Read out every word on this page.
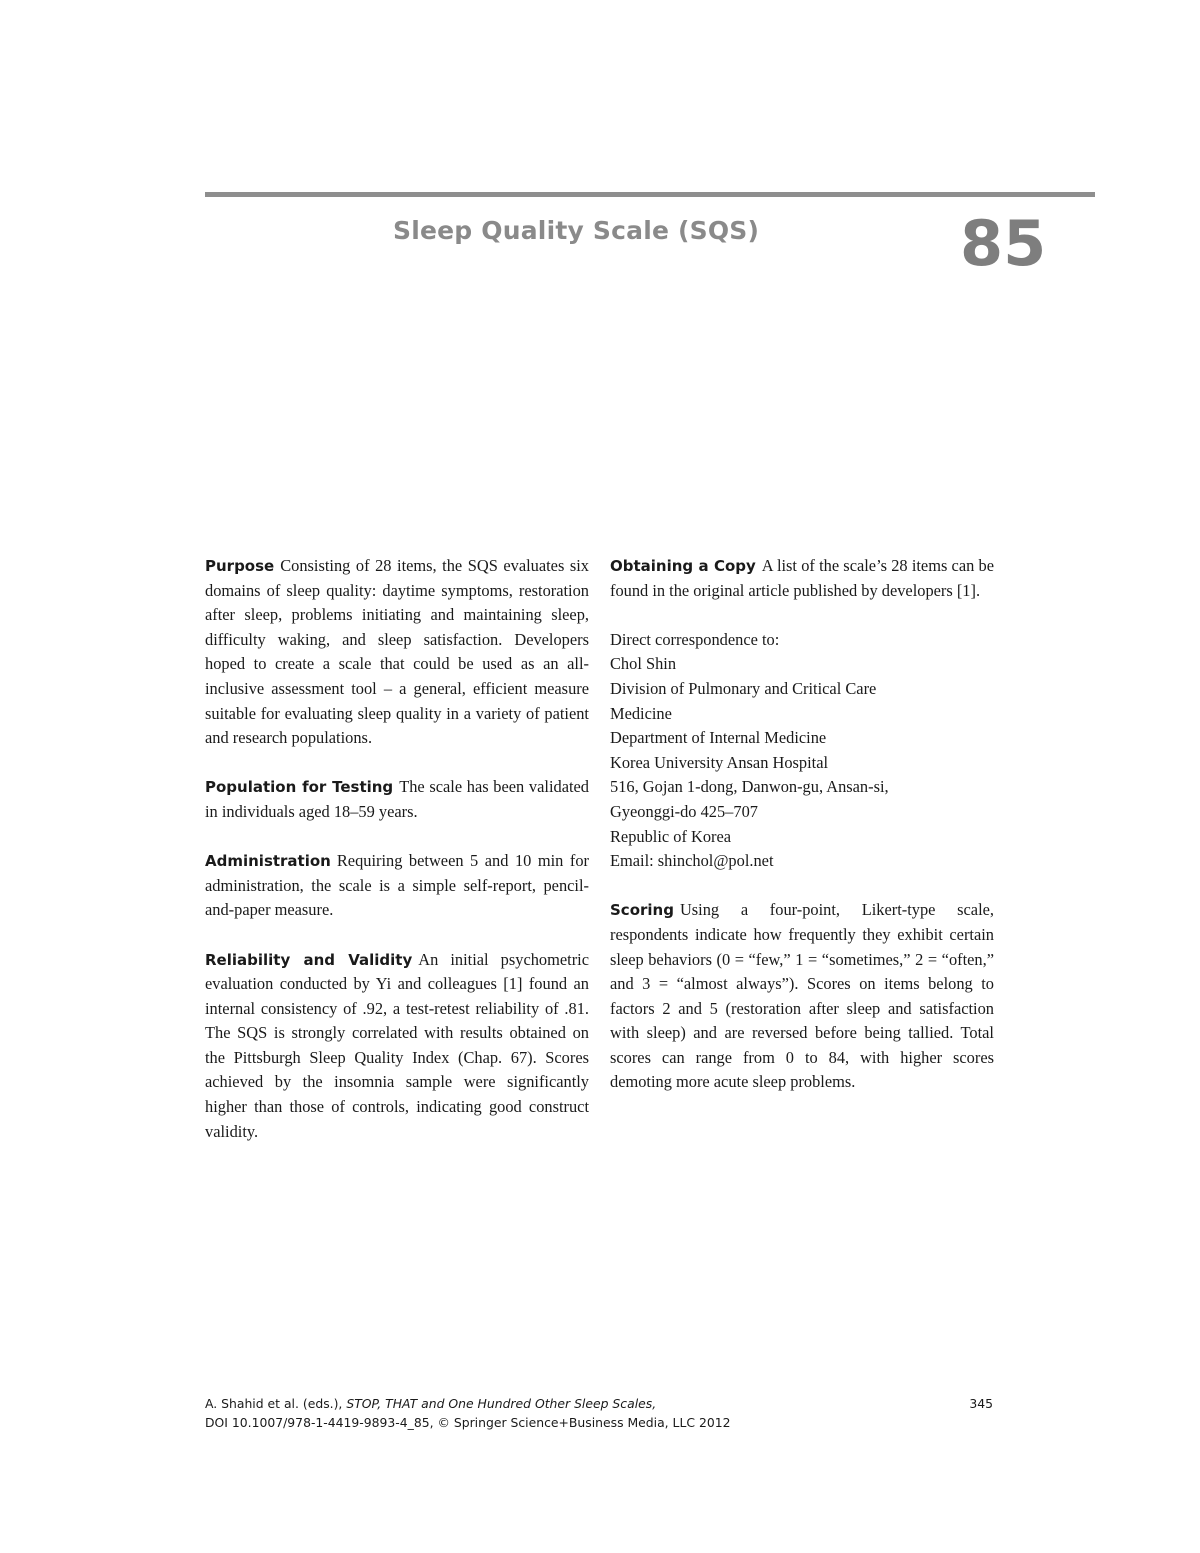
Sleep Quality Scale (SQS)	85

Purpose Consisting of 28 items, the SQS evaluates six domains of sleep quality: daytime symptoms, restoration after sleep, problems initiating and maintaining sleep, difficulty waking, and sleep satisfaction. Developers hoped to create a scale that could be used as an all-inclusive assessment tool – a general, efficient measure suitable for evaluating sleep quality in a variety of patient and research populations.

Population for Testing The scale has been validated in individuals aged 18–59 years.

Administration Requiring between 5 and 10 min for administration, the scale is a simple self-report, pencil-and-paper measure.

Reliability and Validity An initial psychometric evaluation conducted by Yi and colleagues [1] found an internal consistency of .92, a test-retest reliability of .81. The SQS is strongly correlated with results obtained on the Pittsburgh Sleep Quality Index (Chap. 67). Scores achieved by the insomnia sample were significantly higher than those of controls, indicating good construct validity.

Obtaining a Copy A list of the scale’s 28 items can be found in the original article published by developers [1].

Direct correspondence to:
Chol Shin
Division of Pulmonary and Critical Care
Medicine
Department of Internal Medicine
Korea University Ansan Hospital
516, Gojan 1-dong, Danwon-gu, Ansan-si,
Gyeonggi-do 425–707
Republic of Korea
Email: shinchol@pol.net

Scoring Using a four-point, Likert-type scale, respondents indicate how frequently they exhibit certain sleep behaviors (0 = “few,” 1 = “sometimes,” 2 = “often,” and 3 = “almost always”). Scores on items belong to factors 2 and 5 (restoration after sleep and satisfaction with sleep) and are reversed before being tallied. Total scores can range from 0 to 84, with higher scores demoting more acute sleep problems.

A. Shahid et al. (eds.), STOP, THAT and One Hundred Other Sleep Scales,	345
DOI 10.1007/978-1-4419-9893-4_85, © Springer Science+Business Media, LLC 2012
